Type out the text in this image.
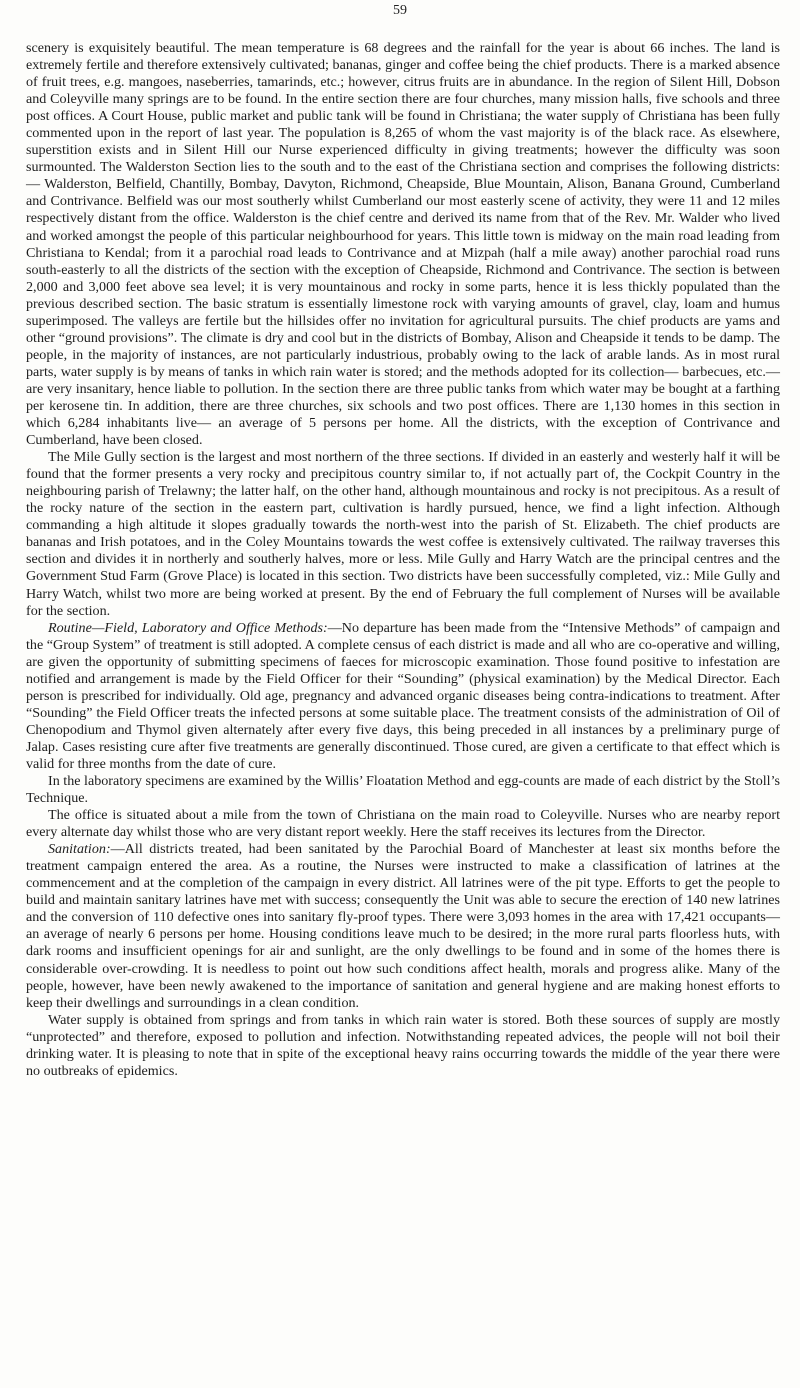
59

scenery is exquisitely beautiful. The mean temperature is 68 degrees and the rainfall for the year is about 66 inches. The land is extremely fertile and therefore extensively cultivated; bananas, ginger and coffee being the chief products. There is a marked absence of fruit trees, e.g. mangoes, naseberries, tamarinds, etc.; however, citrus fruits are in abundance. In the region of Silent Hill, Dobson and Coleyville many springs are to be found. In the entire section there are four churches, many mission halls, five schools and three post offices. A Court House, public market and public tank will be found in Christiana; the water supply of Christiana has been fully commented upon in the report of last year. The population is 8,265 of whom the vast majority is of the black race. As elsewhere, superstition exists and in Silent Hill our Nurse experienced difficulty in giving treatments; however the difficulty was soon surmounted. The Walderston Section lies to the south and to the east of the Christiana section and comprises the following districts:— Walderston, Belfield, Chantilly, Bombay, Davyton, Richmond, Cheapside, Blue Mountain, Alison, Banana Ground, Cumberland and Contrivance. Belfield was our most southerly whilst Cumberland our most easterly scene of activity, they were 11 and 12 miles respectively distant from the office. Walderston is the chief centre and derived its name from that of the Rev. Mr. Walder who lived and worked amongst the people of this particular neighbourhood for years. This little town is midway on the main road leading from Christiana to Kendal; from it a parochial road leads to Contrivance and at Mizpah (half a mile away) another parochial road runs south-easterly to all the districts of the section with the exception of Cheapside, Richmond and Contrivance. The section is between 2,000 and 3,000 feet above sea level; it is very mountainous and rocky in some parts, hence it is less thickly populated than the previous described section. The basic stratum is essentially limestone rock with varying amounts of gravel, clay, loam and humus superimposed. The valleys are fertile but the hillsides offer no invitation for agricultural pursuits. The chief products are yams and other “ground provisions”. The climate is dry and cool but in the districts of Bombay, Alison and Cheapside it tends to be damp. The people, in the majority of instances, are not particularly industrious, probably owing to the lack of arable lands. As in most rural parts, water supply is by means of tanks in which rain water is stored; and the methods adopted for its collection— barbecues, etc.—are very insanitary, hence liable to pollution. In the section there are three public tanks from which water may be bought at a farthing per kerosene tin. In addition, there are three churches, six schools and two post offices. There are 1,130 homes in this section in which 6,284 inhabitants live— an average of 5 persons per home. All the districts, with the exception of Contrivance and Cumberland, have been closed.

The Mile Gully section is the largest and most northern of the three sections. If divided in an easterly and westerly half it will be found that the former presents a very rocky and precipitous country similar to, if not actually part of, the Cockpit Country in the neighbouring parish of Trelawny; the latter half, on the other hand, although mountainous and rocky is not precipitous. As a result of the rocky nature of the section in the eastern part, cultivation is hardly pursued, hence, we find a light infection. Although commanding a high altitude it slopes gradually towards the north-west into the parish of St. Elizabeth. The chief products are bananas and Irish potatoes, and in the Coley Mountains towards the west coffee is extensively cultivated. The railway traverses this section and divides it in northerly and southerly halves, more or less. Mile Gully and Harry Watch are the principal centres and the Government Stud Farm (Grove Place) is located in this section. Two districts have been successfully completed, viz.: Mile Gully and Harry Watch, whilst two more are being worked at present. By the end of February the full complement of Nurses will be available for the section.

Routine—Field, Laboratory and Office Methods:—No departure has been made from the “Intensive Methods” of campaign and the “Group System” of treatment is still adopted. A complete census of each district is made and all who are co-operative and willing, are given the opportunity of submitting specimens of faeces for microscopic examination. Those found positive to infestation are notified and arrangement is made by the Field Officer for their “Sounding” (physical examination) by the Medical Director. Each person is prescribed for individually. Old age, pregnancy and advanced organic diseases being contra-indications to treatment. After “Sounding” the Field Officer treats the infected persons at some suitable place. The treatment consists of the administration of Oil of Chenopodium and Thymol given alternately after every five days, this being preceded in all instances by a preliminary purge of Jalap. Cases resisting cure after five treatments are generally discontinued. Those cured, are given a certificate to that effect which is valid for three months from the date of cure.

In the laboratory specimens are examined by the Willis’ Floatation Method and egg-counts are made of each district by the Stoll’s Technique.

The office is situated about a mile from the town of Christiana on the main road to Coleyville. Nurses who are nearby report every alternate day whilst those who are very distant report weekly. Here the staff receives its lectures from the Director.

Sanitation:—All districts treated, had been sanitated by the Parochial Board of Manchester at least six months before the treatment campaign entered the area. As a routine, the Nurses were instructed to make a classification of latrines at the commencement and at the completion of the campaign in every district. All latrines were of the pit type. Efforts to get the people to build and maintain sanitary latrines have met with success; consequently the Unit was able to secure the erection of 140 new latrines and the conversion of 110 defective ones into sanitary fly-proof types. There were 3,093 homes in the area with 17,421 occupants—an average of nearly 6 persons per home. Housing conditions leave much to be desired; in the more rural parts floorless huts, with dark rooms and insufficient openings for air and sunlight, are the only dwellings to be found and in some of the homes there is considerable over-crowding. It is needless to point out how such conditions affect health, morals and progress alike. Many of the people, however, have been newly awakened to the importance of sanitation and general hygiene and are making honest efforts to keep their dwellings and surroundings in a clean condition.

Water supply is obtained from springs and from tanks in which rain water is stored. Both these sources of supply are mostly “unprotected” and therefore, exposed to pollution and infection. Notwithstanding repeated advices, the people will not boil their drinking water. It is pleasing to note that in spite of the exceptional heavy rains occurring towards the middle of the year there were no outbreaks of epidemics.
